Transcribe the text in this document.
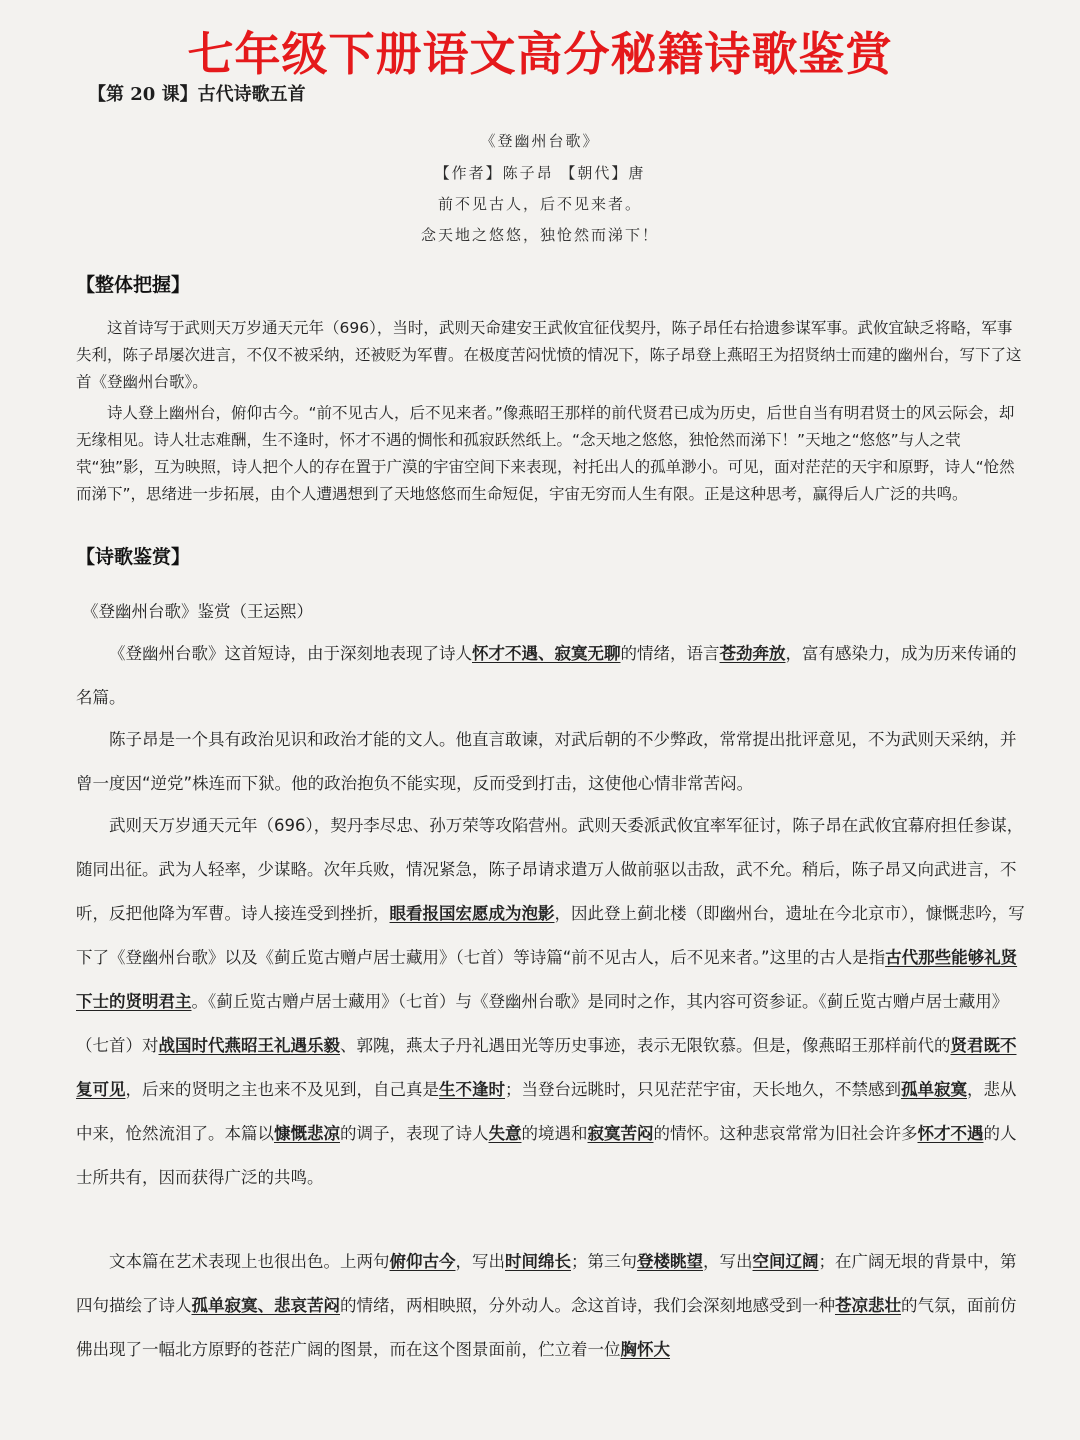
七年级下册语文高分秘籍诗歌鉴赏
【第 20 课】古代诗歌五首
《登幽州台歌》
【作者】陈子昂 【朝代】唐
前不见古人，后不见来者。
念天地之悠悠，独怆然而涕下！
【整体把握】
这首诗写于武则天万岁通天元年（696），当时，武则天命建安王武攸宜征伐契丹，陈子昂任右拾遗参谋军事。武攸宜缺乏将略，军事失利，陈子昂屡次进言，不仅不被采纳，还被贬为军曹。在极度苦闷忧愤的情况下，陈子昂登上燕昭王为招贤纳士而建的幽州台，写下了这首《登幽州台歌》。
诗人登上幽州台，俯仰古今。“前不见古人，后不见来者。”像燕昭王那样的前代贤君已成为历史，后世自当有明君贤士的风云际会，却无缘相见。诗人壮志难酬，生不逢时，怀才不遇的惆怅和孤寂跃然纸上。“念天地之悠悠，独怆然而涕下！”天地之“悠悠”与人之茕茕“独”影，互为映照，诗人把个人的存在置于广漠的宇宙空间下来表现，衬托出人的孤单渺小。可见，面对茫茫的天宇和原野，诗人“怆然而涕下”，思绪进一步拓展，由个人遭遇想到了天地悠悠而生命短促，宇宙无穷而人生有限。正是这种思考，赢得后人广泛的共鸣。
【诗歌鉴赏】
《登幽州台歌》鉴赏（王运熙）
《登幽州台歌》这首短诗，由于深刻地表现了诗人怀才不遇、寂寞无聊的情绪，语言苍劲奔放，富有感染力，成为历来传诵的名篇。
陈子昂是一个具有政治见识和政治才能的文人。他直言敢谏，对武后朝的不少弊政，常常提出批评意见，不为武则天采纳，并曾一度因“逆党”株连而下狱。他的政治抱负不能实现，反而受到打击，这使他心情非常苦闷。
武则天万岁通天元年（696），契丹李尽忠、孙万荣等攻陷营州。武则天委派武攸宜率军征讨，陈子昂在武攸宜幕府担任参谋，随同出征。武为人轻率，少谋略。次年兵败，情况紧急，陈子昂请求遣万人做前驱以击敌，武不允。稍后，陈子昂又向武进言，不听，反把他降为军曹。诗人接连受到挫折，眼看报国宏愿成为泡影，因此登上蓟北楼（即幽州台，遗址在今北京市），慷慨悲吟，写下了《登幽州台歌》以及《蓟丘览古赠卢居士藏用》（七首）等诗篇“前不见古人，后不见来者。”这里的古人是指古代那些能够礼贤下士的贤明君主。《蓟丘览古赠卢居士藏用》（七首）与《登幽州台歌》是同时之作，其内容可资参证。《蓟丘览古赠卢居士藏用》（七首）对战国时代燕昭王礼遇乐毅、郭隗，燕太子丹礼遇田光等历史事迹，表示无限钦慕。但是，像燕昭王那样前代的贤君既不复可见，后来的贤明之主也来不及见到，自己真是生不逢时；当登台远眺时，只见茫茫宇宙，天长地久，不禁感到孤单寂寞，悲从中来，怆然流泪了。本篇以慷慨悲凉的调子，表现了诗人失意的境遇和寂寞苦闷的情怀。这种悲哀常常为旧社会许多怀才不遇的人士所共有，因而获得广泛的共鸣。
文本篇在艺术表现上也很出色。上两句俯仰古今，写出时间绵长；第三句登楼眺望，写出空间辽阔；在广阔无垠的背景中，第四句描绘了诗人孤单寂寞、悲哀苦闷的情绪，两相映照，分外动人。念这首诗，我们会深刻地感受到一种苍凉悲壮的气氛，面前仿佛出现了一幅北方原野的苍茫广阔的图景，而在这个图景面前，伫立着一位胸怀大
